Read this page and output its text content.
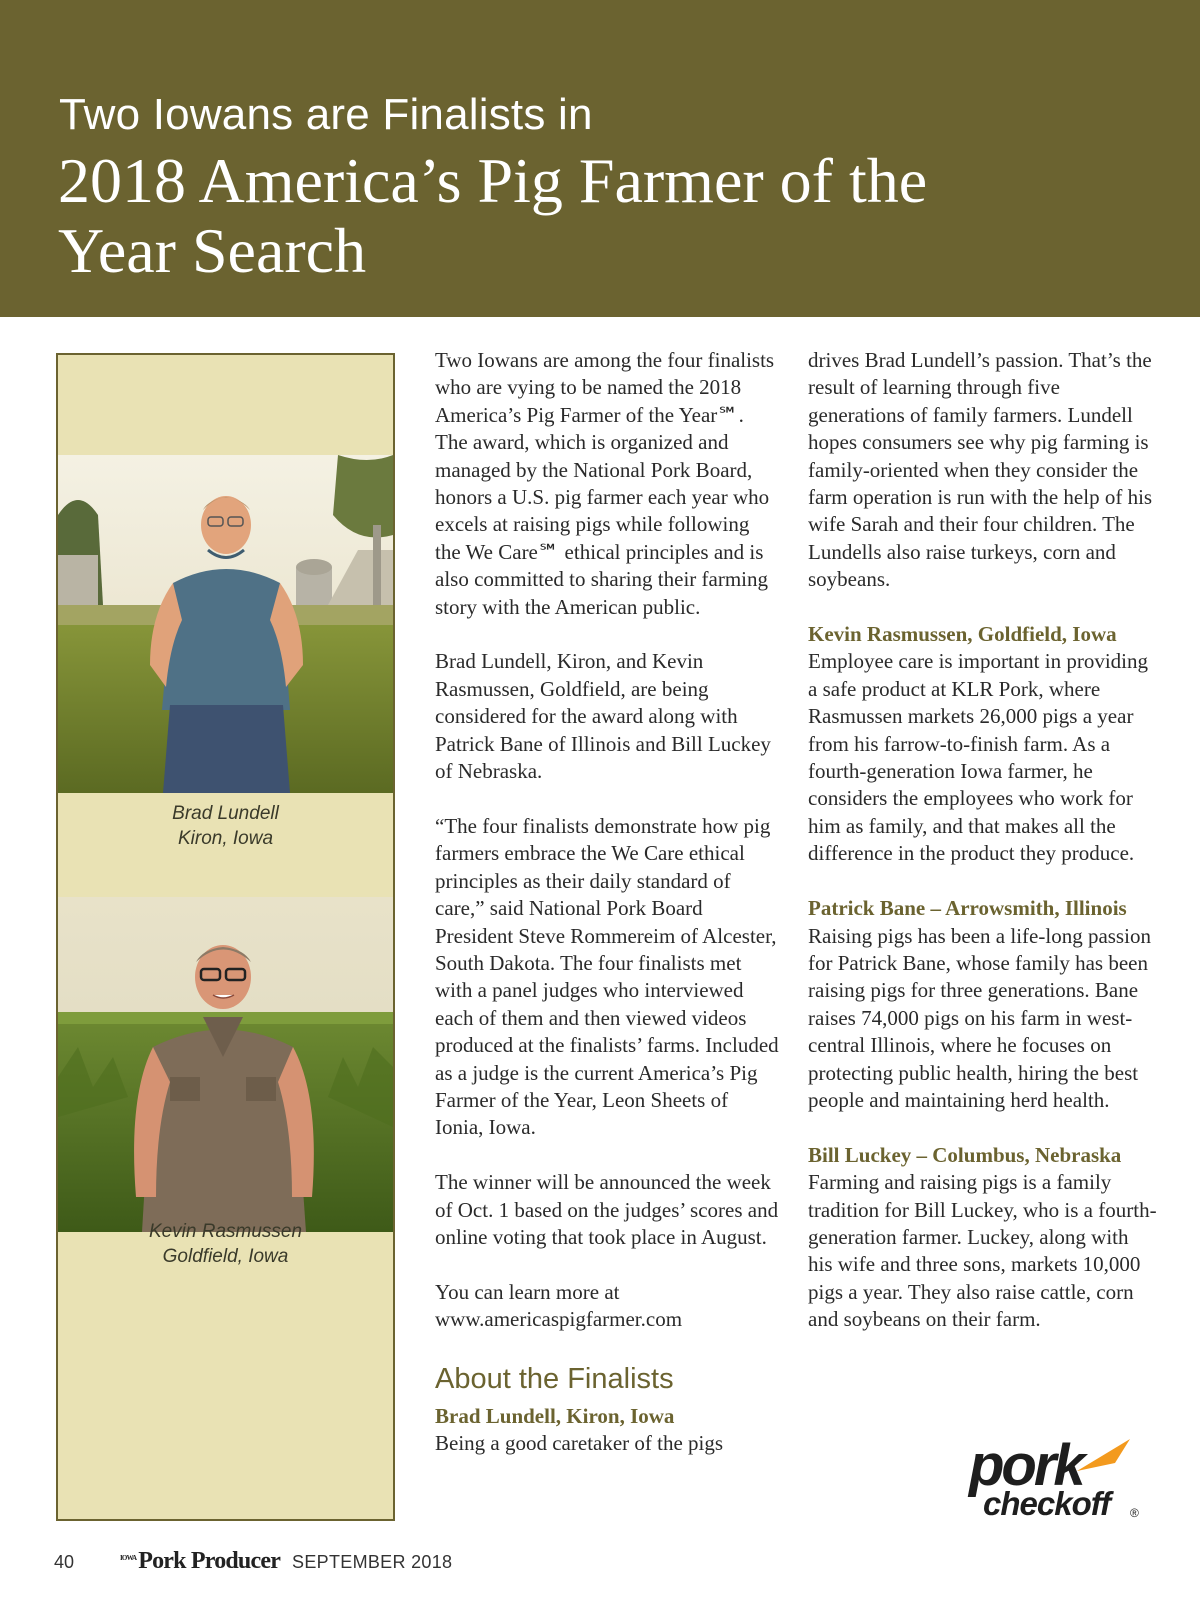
Two Iowans are Finalists in
2018 America’s Pig Farmer of the Year Search
Brad Lundell
Kiron, Iowa
Kevin Rasmussen
Goldfield, Iowa

Two Iowans are among the four finalists who are vying to be named the 2018 America’s Pig Farmer of the Year℠. The award, which is organized and managed by the National Pork Board, honors a U.S. pig farmer each year who excels at raising pigs while following the We Care℠ ethical principles and is also committed to sharing their farming story with the American public.

Brad Lundell, Kiron, and Kevin Rasmussen, Goldfield, are being considered for the award along with Patrick Bane of Illinois and Bill Luckey of Nebraska.

“The four finalists demonstrate how pig farmers embrace the We Care ethical principles as their daily standard of care,” said National Pork Board President Steve Rommereim of Alcester, South Dakota. The four finalists met with a panel judges who interviewed each of them and then viewed videos produced at the finalists’ farms. Included as a judge is the current America’s Pig Farmer of the Year, Leon Sheets of Ionia, Iowa.

The winner will be announced the week of Oct. 1 based on the judges’ scores and online voting that took place in August.

You can learn more at www.americaspigfarmer.com

About the Finalists

Brad Lundell, Kiron, Iowa

Being a good caretaker of the pigs

drives Brad Lundell’s passion. That’s the result of learning through five generations of family farmers. Lundell hopes consumers see why pig farming is family-oriented when they consider the farm operation is run with the help of his wife Sarah and their four children. The Lundells also raise turkeys, corn and soybeans.

Kevin Rasmussen, Goldfield, Iowa

Employee care is important in providing a safe product at KLR Pork, where Rasmussen markets 26,000 pigs a year from his farrow-to-finish farm. As a fourth-generation Iowa farmer, he considers the employees who work for him as family, and that makes all the difference in the product they produce.

Patrick Bane – Arrowsmith, Illinois

Raising pigs has been a life-long passion for Patrick Bane, whose family has been raising pigs for three generations. Bane raises 74,000 pigs on his farm in west-central Illinois, where he focuses on protecting public health, hiring the best people and maintaining herd health.

Bill Luckey – Columbus, Nebraska

Farming and raising pigs is a family tradition for Bill Luckey, who is a fourth-generation farmer. Luckey, along with his wife and three sons, markets 10,000 pigs a year. They also raise cattle, corn and soybeans on their farm.

pork
checkoff	®
40	$^{IOWA}$Pork Producer SEPTEMBER 2018
